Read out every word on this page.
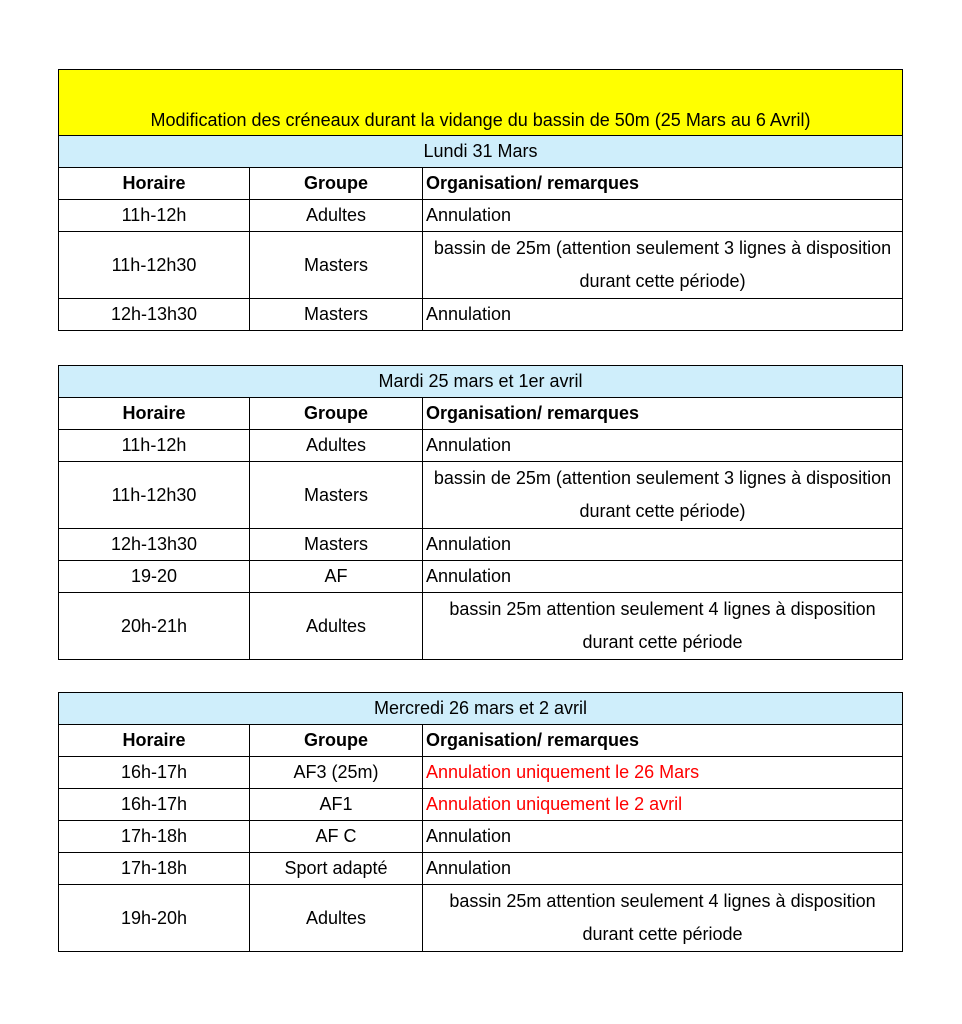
Modification des créneaux durant la vidange du bassin de 50m (25 Mars au 6 Avril)		
Lundi 31 Mars		
Horaire	Groupe	Organisation/ remarques
11h-12h	Adultes	Annulation
11h-12h30	Masters	bassin de 25m (attention seulement 3 lignes à disposition durant cette période)
12h-13h30	Masters	Annulation
Mardi 25 mars et 1er avril		
Horaire	Groupe	Organisation/ remarques
11h-12h	Adultes	Annulation
11h-12h30	Masters	bassin de 25m (attention seulement 3 lignes à disposition durant cette période)
12h-13h30	Masters	Annulation
19-20	AF	Annulation
20h-21h	Adultes	bassin 25m attention seulement 4 lignes à disposition durant cette période
Mercredi 26 mars et 2 avril		
Horaire	Groupe	Organisation/ remarques
16h-17h	AF3 (25m)	Annulation uniquement le 26 Mars
16h-17h	AF1	Annulation uniquement le 2 avril
17h-18h	AF C	Annulation
17h-18h	Sport adapté	Annulation
19h-20h	Adultes	bassin 25m attention seulement 4 lignes à disposition durant cette période
